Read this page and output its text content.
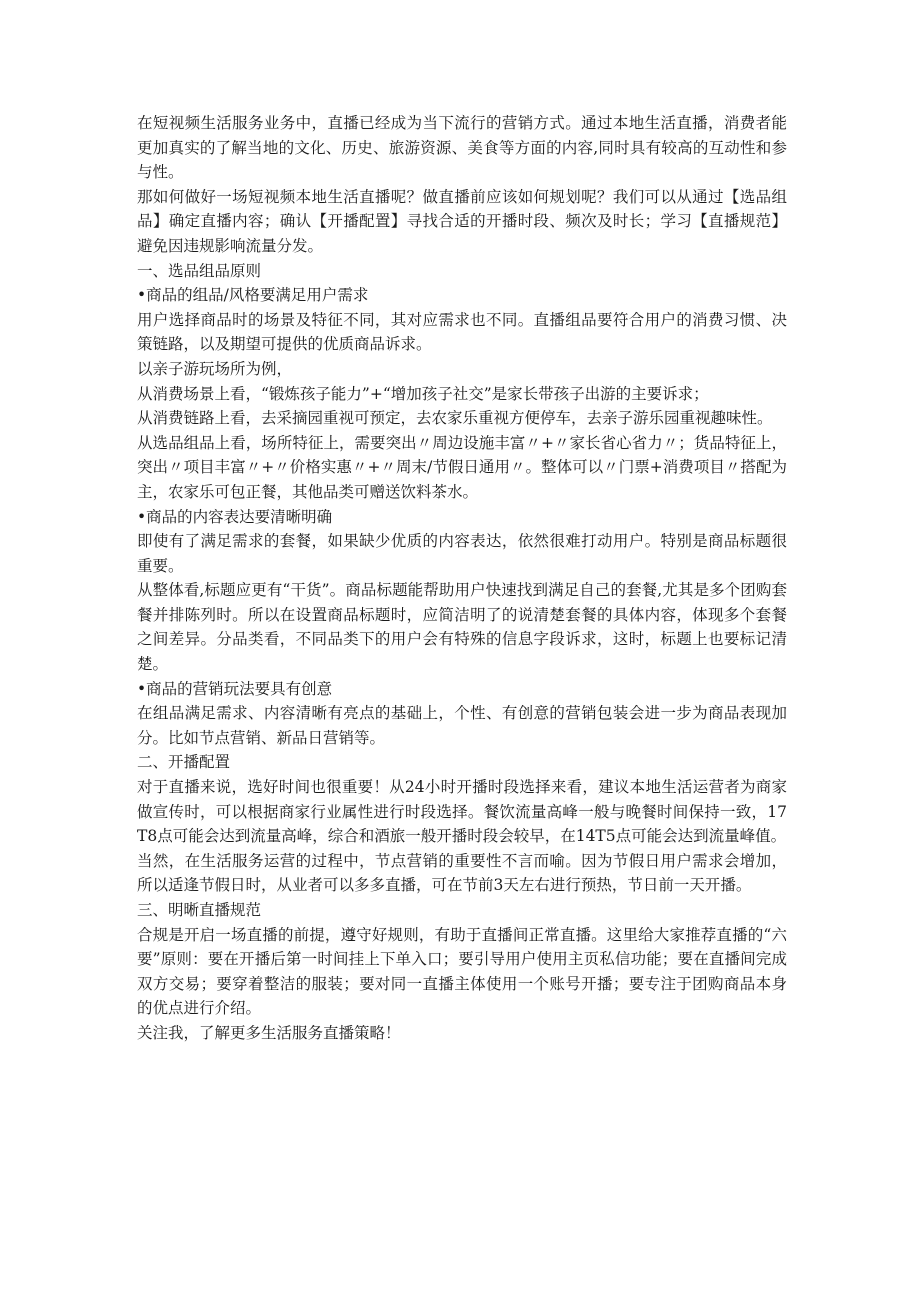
在短视频生活服务业务中，直播已经成为当下流行的营销方式。通过本地生活直播，消费者能更加真实的了解当地的文化、历史、旅游资源、美食等方面的内容,同时具有较高的互动性和参与性。

那如何做好一场短视频本地生活直播呢？做直播前应该如何规划呢？我们可以从通过【选品组品】确定直播内容；确认【开播配置】寻找合适的开播时段、频次及时长；学习【直播规范】避免因违规影响流量分发。

一、选品组品原则

•商品的组品/风格要满足用户需求

用户选择商品时的场景及特征不同，其对应需求也不同。直播组品要符合用户的消费习惯、决策链路，以及期望可提供的优质商品诉求。

以亲子游玩场所为例，

从消费场景上看，“锻炼孩子能力”+“增加孩子社交”是家长带孩子出游的主要诉求；

从消费链路上看，去采摘园重视可预定，去农家乐重视方便停车，去亲子游乐园重视趣味性。

从选品组品上看，场所特征上，需要突出〃周边设施丰富〃+〃家长省心省力〃；货品特征上，突出〃项目丰富〃+〃价格实惠〃+〃周末/节假日通用〃。整体可以〃门票+消费项目〃搭配为主，农家乐可包正餐，其他品类可赠送饮料茶水。

•商品的内容表达要清晰明确

即使有了满足需求的套餐，如果缺少优质的内容表达，依然很难打动用户。特别是商品标题很重要。

从整体看,标题应更有“干货”。商品标题能帮助用户快速找到满足自己的套餐,尤其是多个团购套餐并排陈列时。所以在设置商品标题时，应简洁明了的说清楚套餐的具体内容，体现多个套餐之间差异。分品类看，不同品类下的用户会有特殊的信息字段诉求，这时，标题上也要标记清楚。

•商品的营销玩法要具有创意

在组品满足需求、内容清晰有亮点的基础上，个性、有创意的营销包装会进一步为商品表现加分。比如节点营销、新品日营销等。

二、开播配置

对于直播来说，选好时间也很重要！从24小时开播时段选择来看，建议本地生活运营者为商家做宣传时，可以根据商家行业属性进行时段选择。餐饮流量高峰一般与晚餐时间保持一致，17T8点可能会达到流量高峰，综合和酒旅一般开播时段会较早，在14T5点可能会达到流量峰值。

当然，在生活服务运营的过程中，节点营销的重要性不言而喻。因为节假日用户需求会增加，所以适逢节假日时，从业者可以多多直播，可在节前3天左右进行预热，节日前一天开播。

三、明晰直播规范

合规是开启一场直播的前提，遵守好规则，有助于直播间正常直播。这里给大家推荐直播的“六要”原则：要在开播后第一时间挂上下单入口；要引导用户使用主页私信功能；要在直播间完成双方交易；要穿着整洁的服装；要对同一直播主体使用一个账号开播；要专注于团购商品本身的优点进行介绍。

关注我，了解更多生活服务直播策略！
